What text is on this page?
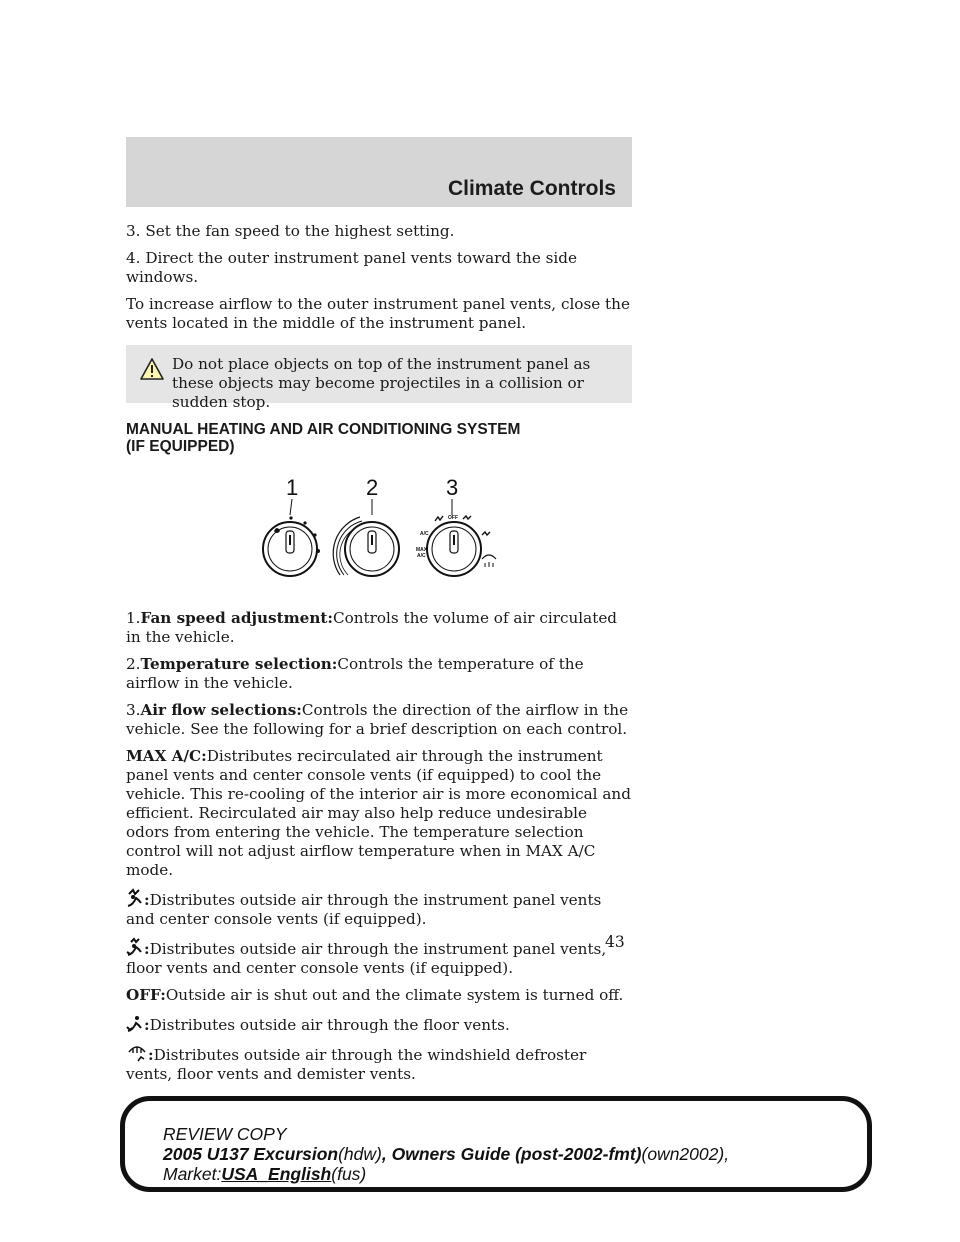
Climate Controls

3. Set the fan speed to the highest setting.

4. Direct the outer instrument panel vents toward the side windows.

To increase airflow to the outer instrument panel vents, close the vents located in the middle of the instrument panel.

Do not place objects on top of the instrument panel as these objects may become projectiles in a collision or sudden stop.
MANUAL HEATING AND AIR CONDITIONING SYSTEM
(IF EQUIPPED)
1	2	3
OFF
A/C
MAX
A/C

1.Fan speed adjustment:Controls the volume of air circulated in the vehicle.

2.Temperature selection:Controls the temperature of the airflow in the vehicle.

3.Air flow selections:Controls the direction of the airflow in the vehicle. See the following for a brief description on each control.

MAX A/C:Distributes recirculated air through the instrument panel vents and center console vents (if equipped) to cool the vehicle. This re-cooling of the interior air is more economical and efficient. Recirculated air may also help reduce undesirable odors from entering the vehicle. The temperature selection control will not adjust airflow temperature when in MAX A/C mode.

:Distributes outside air through the instrument panel vents and center console vents (if equipped).

:Distributes outside air through the instrument panel vents, floor vents and center console vents (if equipped).

OFF:Outside air is shut out and the climate system is turned off.

:Distributes outside air through the floor vents.

:Distributes outside air through the windshield defroster vents, floor vents and demister vents.

43
REVIEW COPY
2005 U137 Excursion(hdw), Owners Guide (post-2002-fmt)(own2002),
Market:USA_English(fus)
